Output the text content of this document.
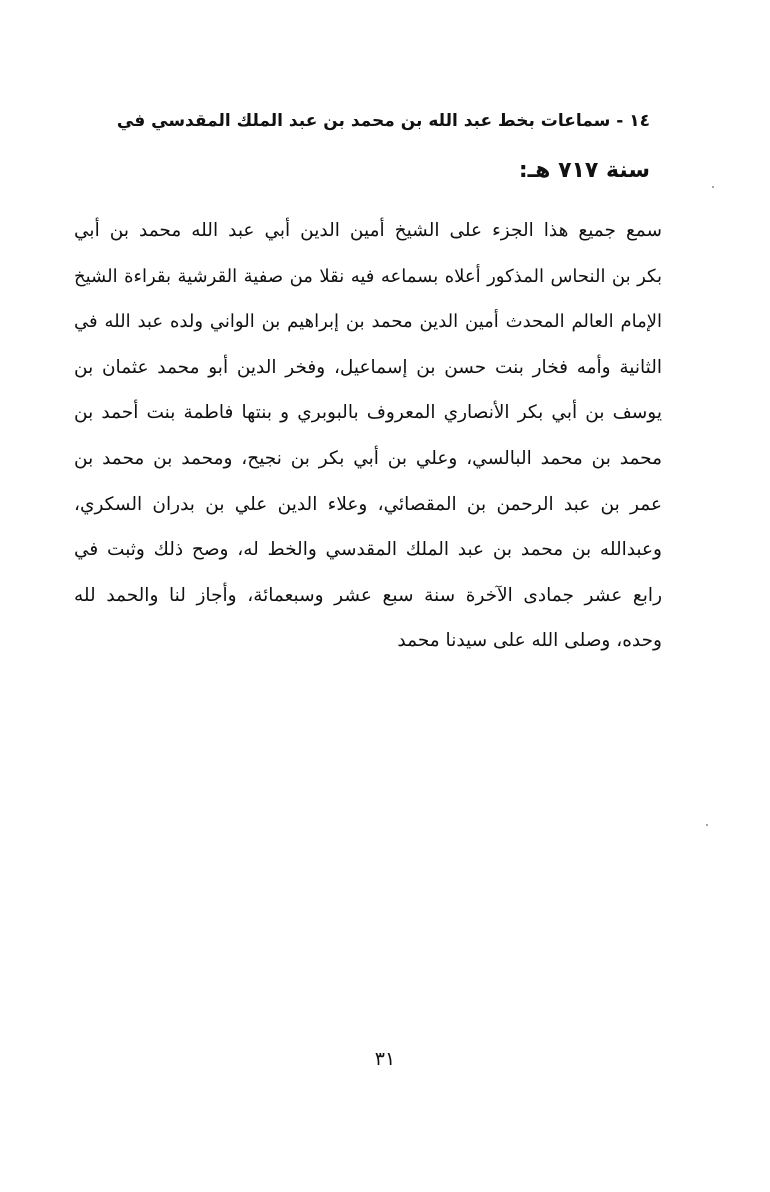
١٤ - سماعات بخط عبد الله بن محمد بن عبد الملك المقدسي في
سنة ٧١٧ هـ:

سمع جميع هذا الجزء على الشيخ أمين الدين أبي عبد الله محمد بن أبي
بكر بن النحاس المذكور أعلاه بسماعه فيه نقلا من صفية القرشية بقراءة الشيخ
الإمام العالم المحدث أمين الدين محمد بن إبراهيم بن الواني ولده عبد الله في
الثانية وأمه فخار بنت حسن بن إسماعيل، وفخر الدين أبو محمد عثمان بن
يوسف بن أبي بكر الأنصاري المعروف بالبوبري و بنتها فاطمة بنت أحمد بن
محمد بن محمد البالسي، وعلي بن أبي بكر بن نجيح، ومحمد بن محمد بن
عمر بن عبد الرحمن بن المقصائي، وعلاء الدين علي بن بدران السكري،
وعبدالله بن محمد بن عبد الملك المقدسي والخط له، وصح ذلك وثبت في
رابع عشر جمادى الآخرة سنة سبع عشر وسبعمائة، وأجاز لنا والحمد لله
وحده، وصلى الله على سيدنا محمد

٣١
